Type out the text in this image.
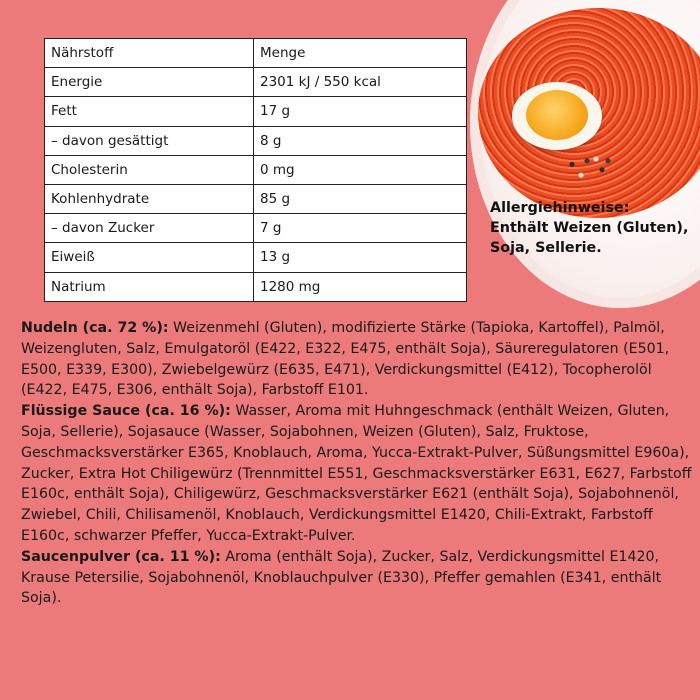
Nährstoff	Menge
Energie	2301 kJ / 550 kcal
Fett	17 g
– davon gesättigt	8 g
Cholesterin	0 mg
Kohlenhydrate	85 g
– davon Zucker	7 g
Eiweiß	13 g
Natrium	1280 mg
Allergiehinweise:
Enthält Weizen (Gluten), Soja, Sellerie.

Nudeln (ca. 72 %): Weizenmehl (Gluten), modifizierte Stärke (Tapioka, Kartoffel), Palmöl, Weizengluten, Salz, Emulgatoröl (E422, E322, E475, enthält Soja), Säureregulatoren (E501, E500, E339, E300), Zwiebelgewürz (E635, E471), Verdickungsmittel (E412), Tocopherolöl (E422, E475, E306, enthält Soja), Farbstoff E101.

Flüssige Sauce (ca. 16 %): Wasser, Aroma mit Huhngeschmack (enthält Weizen, Gluten, Soja, Sellerie), Sojasauce (Wasser, Sojabohnen, Weizen (Gluten), Salz, Fruktose, Geschmacksverstärker E365, Knoblauch, Aroma, Yucca-Extrakt-Pulver, Süßungsmittel E960a), Zucker, Extra Hot Chiligewürz (Trennmittel E551, Geschmacksverstärker E631, E627, Farbstoff E160c, enthält Soja), Chiligewürz, Geschmacksverstärker E621 (enthält Soja), Sojabohnenöl, Zwiebel, Chili, Chilisamenöl, Knoblauch, Verdickungsmittel E1420, Chili-Extrakt, Farbstoff E160c, schwarzer Pfeffer, Yucca-Extrakt-Pulver.

Saucenpulver (ca. 11 %): Aroma (enthält Soja), Zucker, Salz, Verdickungsmittel E1420, Krause Petersilie, Sojabohnenöl, Knoblauchpulver (E330), Pfeffer gemahlen (E341, enthält Soja).
